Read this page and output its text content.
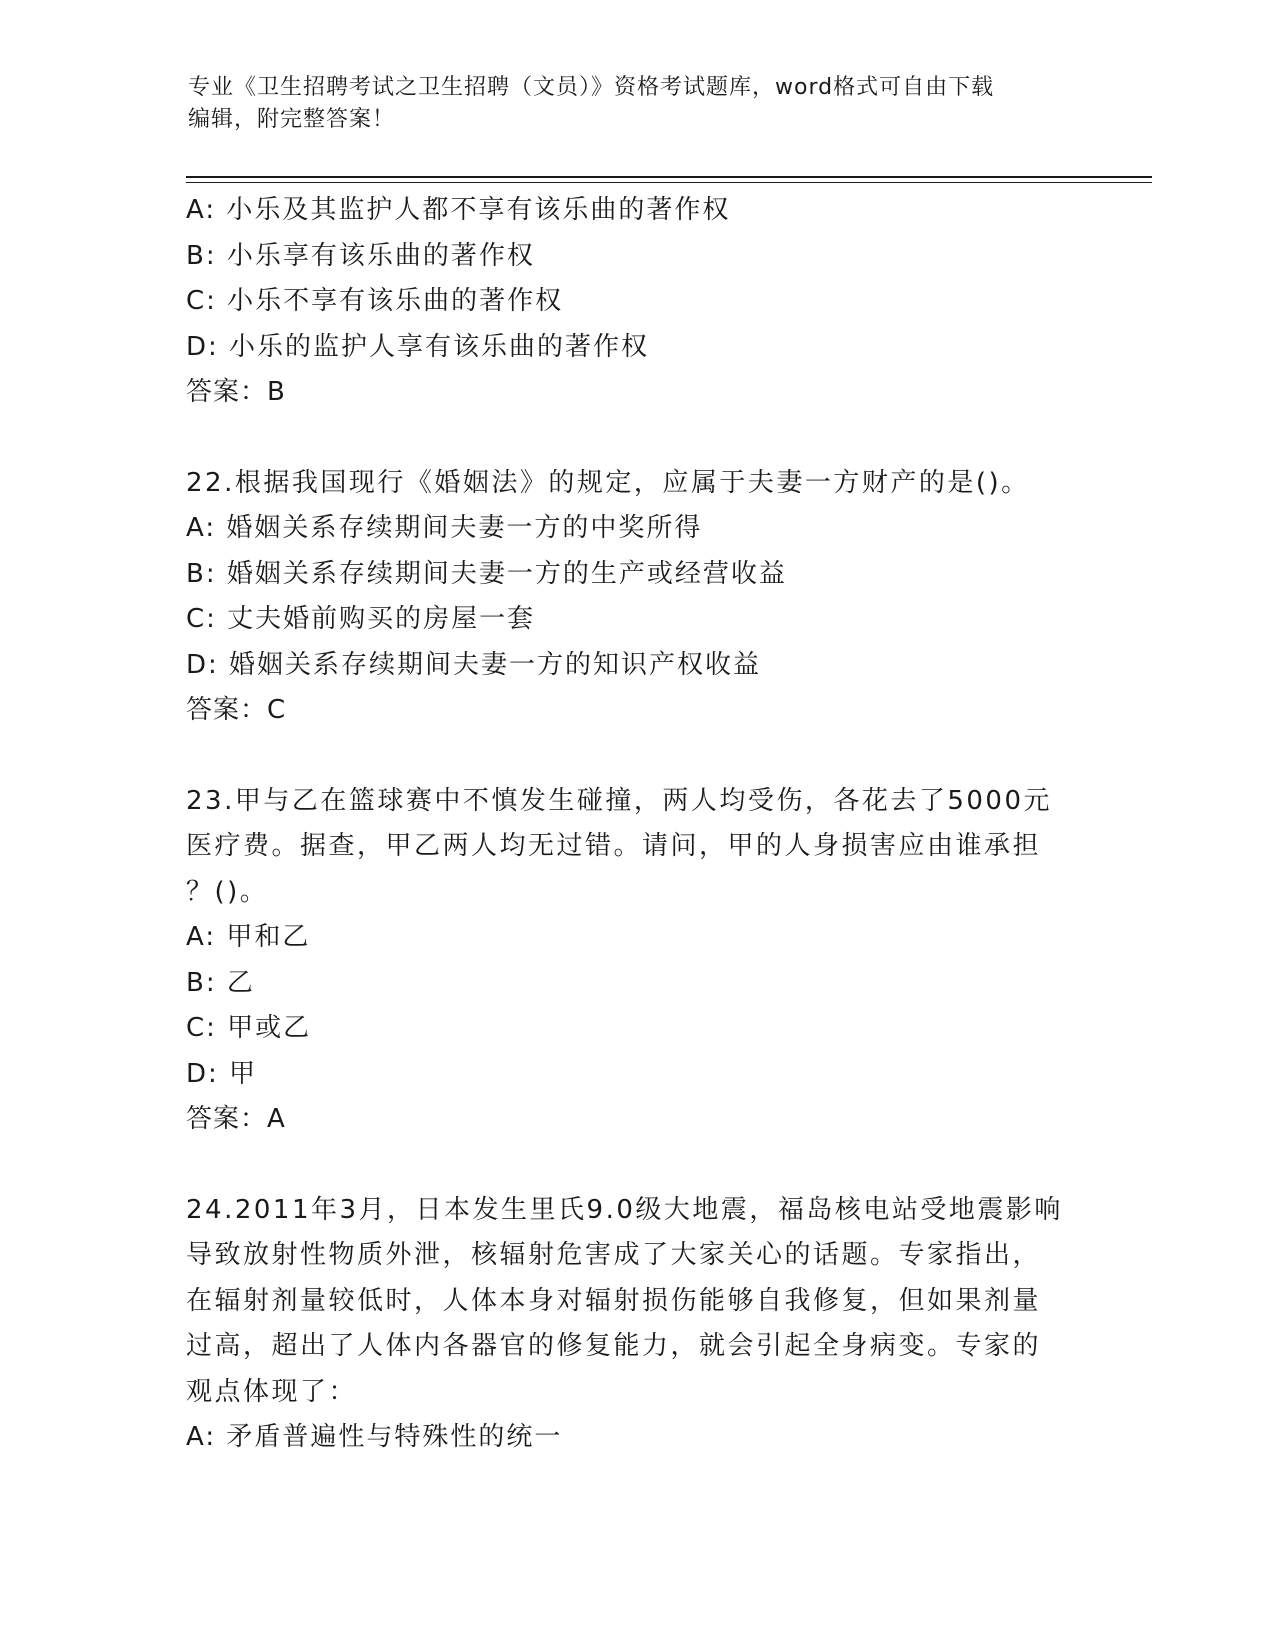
专业《卫生招聘考试之卫生招聘（文员）》资格考试题库，word格式可自由下载
编辑，附完整答案！
A: 小乐及其监护人都不享有该乐曲的著作权
B: 小乐享有该乐曲的著作权
C: 小乐不享有该乐曲的著作权
D: 小乐的监护人享有该乐曲的著作权
答案：B
22.根据我国现行《婚姻法》的规定，应属于夫妻一方财产的是()。
A: 婚姻关系存续期间夫妻一方的中奖所得
B: 婚姻关系存续期间夫妻一方的生产或经营收益
C: 丈夫婚前购买的房屋一套
D: 婚姻关系存续期间夫妻一方的知识产权收益
答案：C
23.甲与乙在篮球赛中不慎发生碰撞，两人均受伤，各花去了5000元
医疗费。据查，甲乙两人均无过错。请问，甲的人身损害应由谁承担
？()。
A: 甲和乙
B: 乙
C: 甲或乙
D: 甲
答案：A
24.2011年3月，日本发生里氏9.0级大地震，福岛核电站受地震影响
导致放射性物质外泄，核辐射危害成了大家关心的话题。专家指出，
在辐射剂量较低时，人体本身对辐射损伤能够自我修复，但如果剂量
过高，超出了人体内各器官的修复能力，就会引起全身病变。专家的
观点体现了：
A: 矛盾普遍性与特殊性的统一
